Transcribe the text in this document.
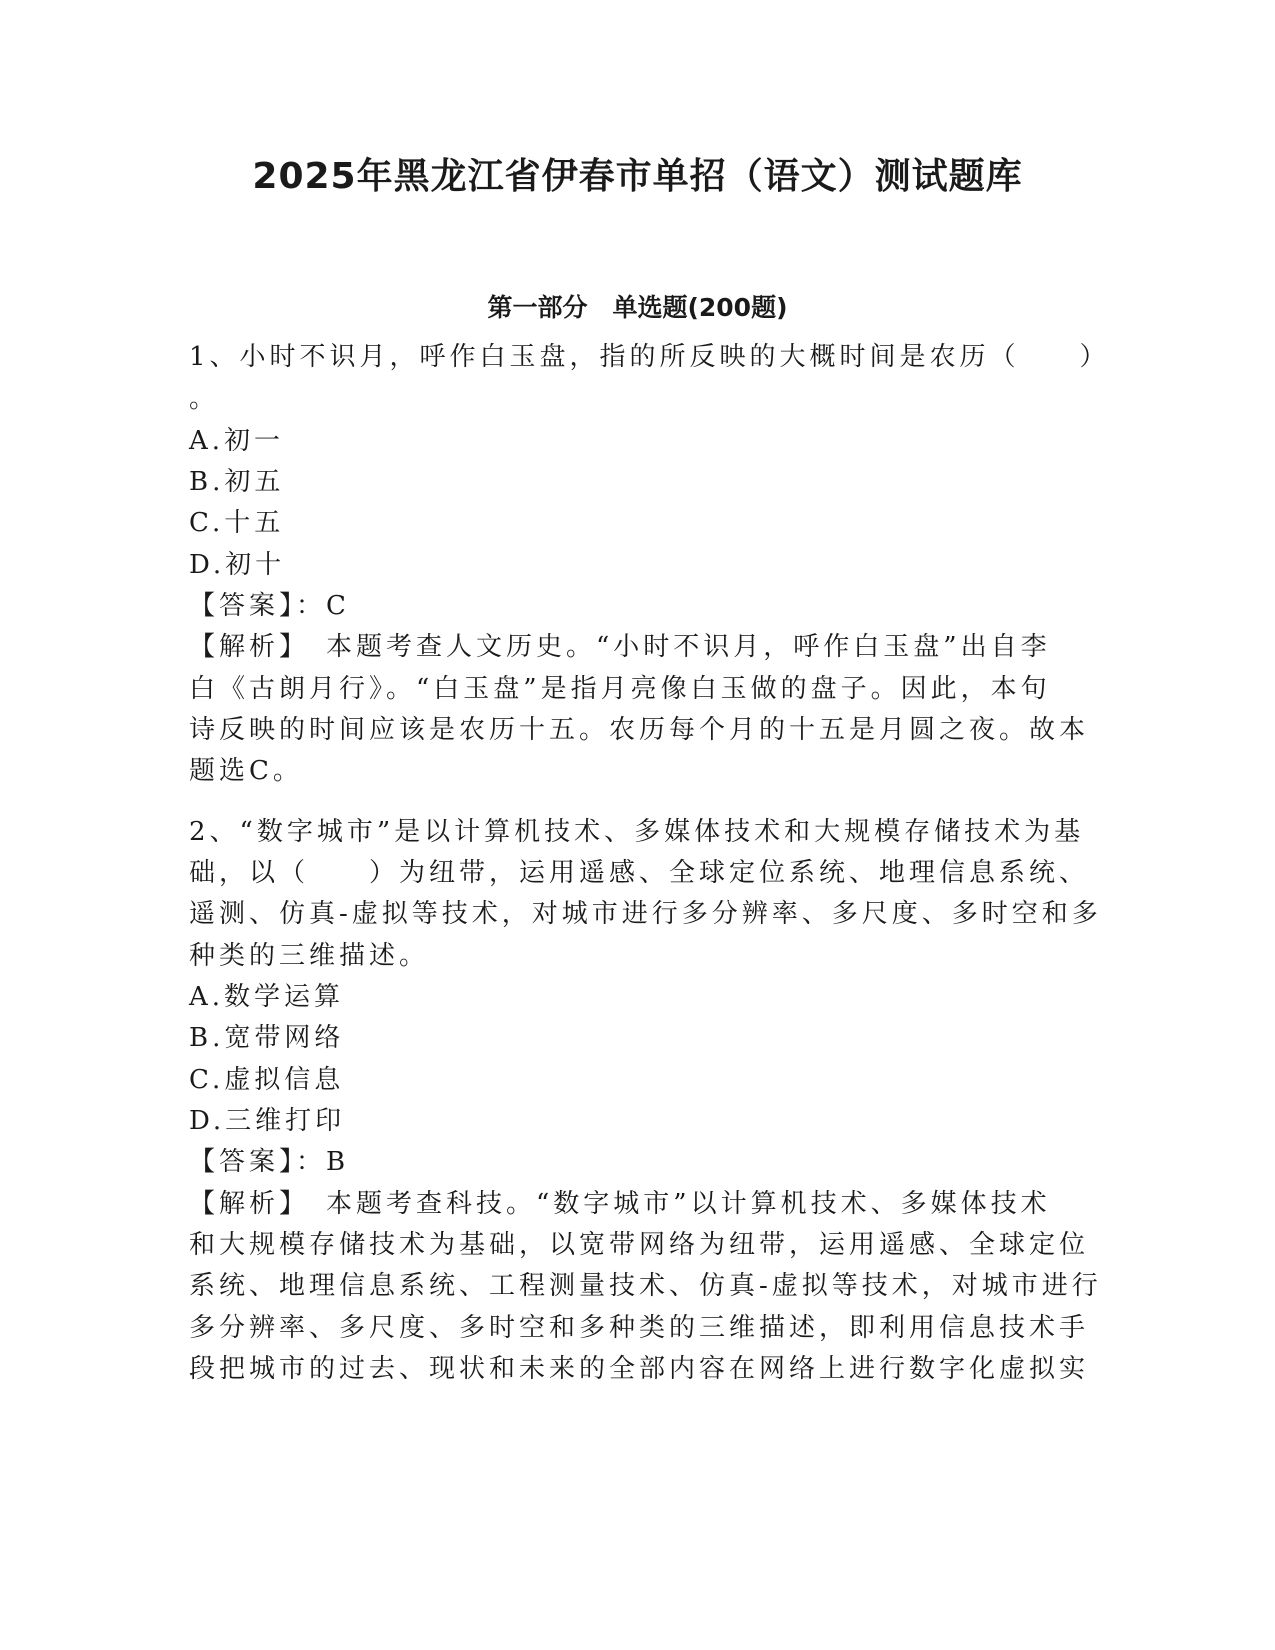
2025年黑龙江省伊春市单招（语文）测试题库
第一部分　单选题(200题)
1、小时不识月，呼作白玉盘，指的所反映的大概时间是农历（　　）
。
A.初一
B.初五
C.十五
D.初十
【答案】：C
【解析】　本题考查人文历史。“小时不识月，呼作白玉盘”出自李
白《古朗月行》。“白玉盘”是指月亮像白玉做的盘子。因此，本句
诗反映的时间应该是农历十五。农历每个月的十五是月圆之夜。故本
题选C。
2、“数字城市”是以计算机技术、多媒体技术和大规模存储技术为基
础，以（　　）为纽带，运用遥感、全球定位系统、地理信息系统、
遥测、仿真-虚拟等技术，对城市进行多分辨率、多尺度、多时空和多
种类的三维描述。
A.数学运算
B.宽带网络
C.虚拟信息
D.三维打印
【答案】：B
【解析】　本题考查科技。“数字城市”以计算机技术、多媒体技术
和大规模存储技术为基础，以宽带网络为纽带，运用遥感、全球定位
系统、地理信息系统、工程测量技术、仿真-虚拟等技术，对城市进行
多分辨率、多尺度、多时空和多种类的三维描述，即利用信息技术手
段把城市的过去、现状和未来的全部内容在网络上进行数字化虚拟实
